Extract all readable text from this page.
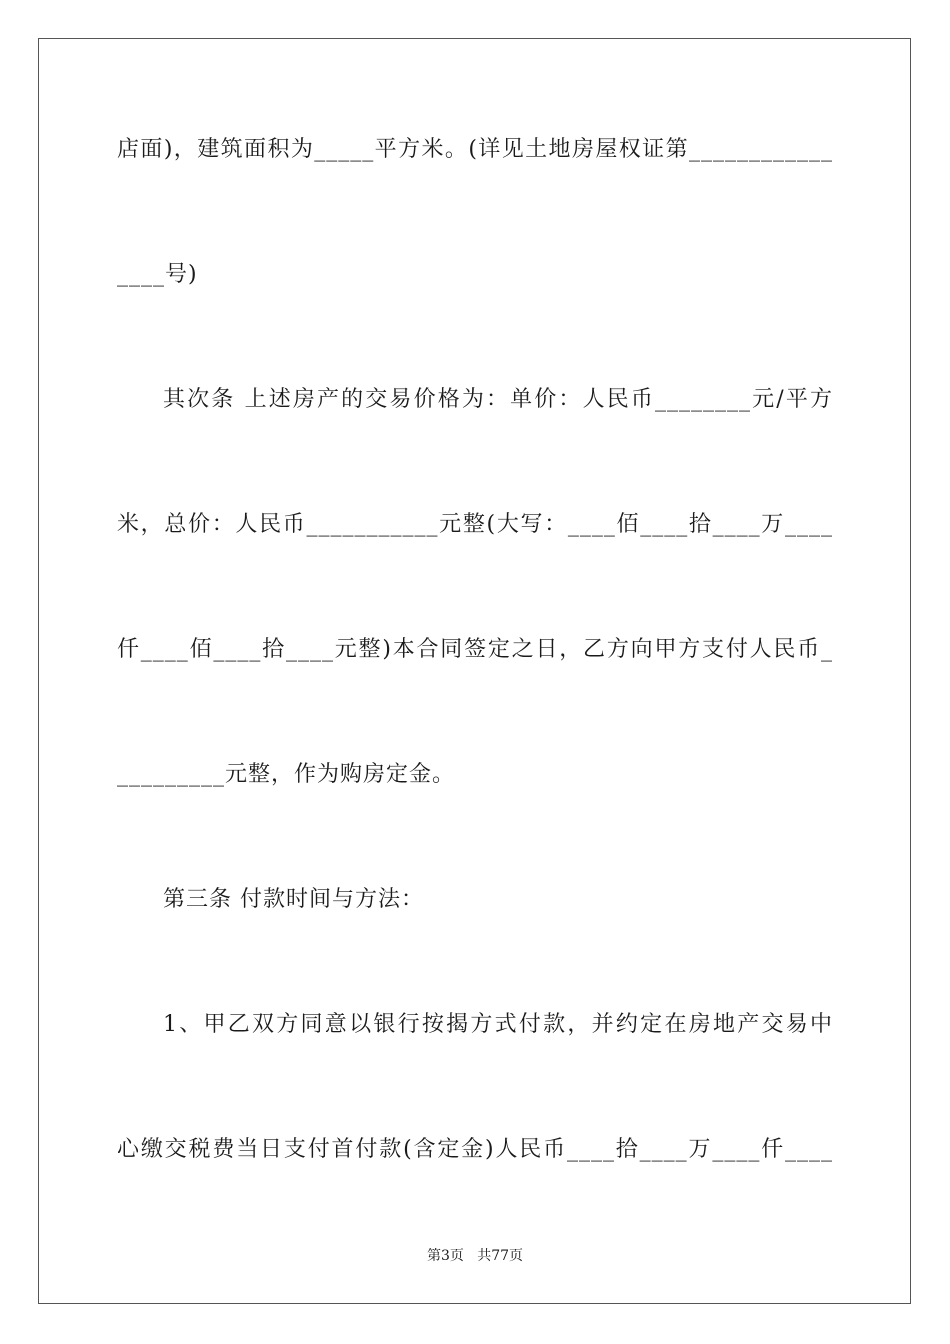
店面)，建筑面积为_____平方米。(详见土地房屋权证第____________
____号)
其次条 上述房产的交易价格为：单价：人民币________元/平方
米，总价：人民币___________元整(大写：____佰____拾____万____
仟____佰____拾____元整)本合同签定之日，乙方向甲方支付人民币_
_________元整，作为购房定金。
第三条 付款时间与方法：
1、甲乙双方同意以银行按揭方式付款，并约定在房地产交易中
心缴交税费当日支付首付款(含定金)人民币____拾____万____仟____
第3页   共77页
